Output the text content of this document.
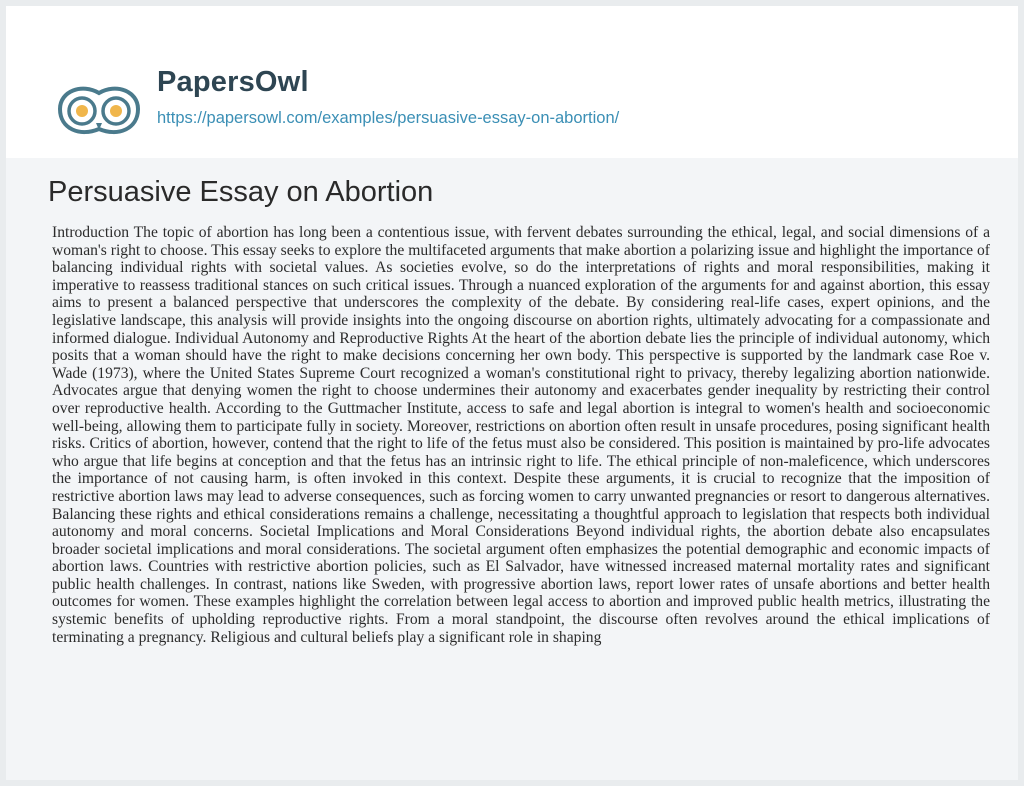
PapersOwl
https://papersowl.com/examples/persuasive-essay-on-abortion/
Persuasive Essay on Abortion

Introduction The topic of abortion has long been a contentious issue, with fervent debates surrounding the ethical, legal, and social dimensions of a woman's right to choose. This essay seeks to explore the multifaceted arguments that make abortion a polarizing issue and highlight the importance of balancing individual rights with societal values. As societies evolve, so do the interpretations of rights and moral responsibilities, making it imperative to reassess traditional stances on such critical issues. Through a nuanced exploration of the arguments for and against abortion, this essay aims to present a balanced perspective that underscores the complexity of the debate. By considering real-life cases, expert opinions, and the legislative landscape, this analysis will provide insights into the ongoing discourse on abortion rights, ultimately advocating for a compassionate and informed dialogue. Individual Autonomy and Reproductive Rights At the heart of the abortion debate lies the principle of individual autonomy, which posits that a woman should have the right to make decisions concerning her own body. This perspective is supported by the landmark case Roe v. Wade (1973), where the United States Supreme Court recognized a woman's constitutional right to privacy, thereby legalizing abortion nationwide. Advocates argue that denying women the right to choose undermines their autonomy and exacerbates gender inequality by restricting their control over reproductive health. According to the Guttmacher Institute, access to safe and legal abortion is integral to women's health and socioeconomic well-being, allowing them to participate fully in society. Moreover, restrictions on abortion often result in unsafe procedures, posing significant health risks. Critics of abortion, however, contend that the right to life of the fetus must also be considered. This position is maintained by pro-life advocates who argue that life begins at conception and that the fetus has an intrinsic right to life. The ethical principle of non-maleficence, which underscores the importance of not causing harm, is often invoked in this context. Despite these arguments, it is crucial to recognize that the imposition of restrictive abortion laws may lead to adverse consequences, such as forcing women to carry unwanted pregnancies or resort to dangerous alternatives. Balancing these rights and ethical considerations remains a challenge, necessitating a thoughtful approach to legislation that respects both individual autonomy and moral concerns. Societal Implications and Moral Considerations Beyond individual rights, the abortion debate also encapsulates broader societal implications and moral considerations. The societal argument often emphasizes the potential demographic and economic impacts of abortion laws. Countries with restrictive abortion policies, such as El Salvador, have witnessed increased maternal mortality rates and significant public health challenges. In contrast, nations like Sweden, with progressive abortion laws, report lower rates of unsafe abortions and better health outcomes for women. These examples highlight the correlation between legal access to abortion and improved public health metrics, illustrating the systemic benefits of upholding reproductive rights. From a moral standpoint, the discourse often revolves around the ethical implications of terminating a pregnancy. Religious and cultural beliefs play a significant role in shaping
